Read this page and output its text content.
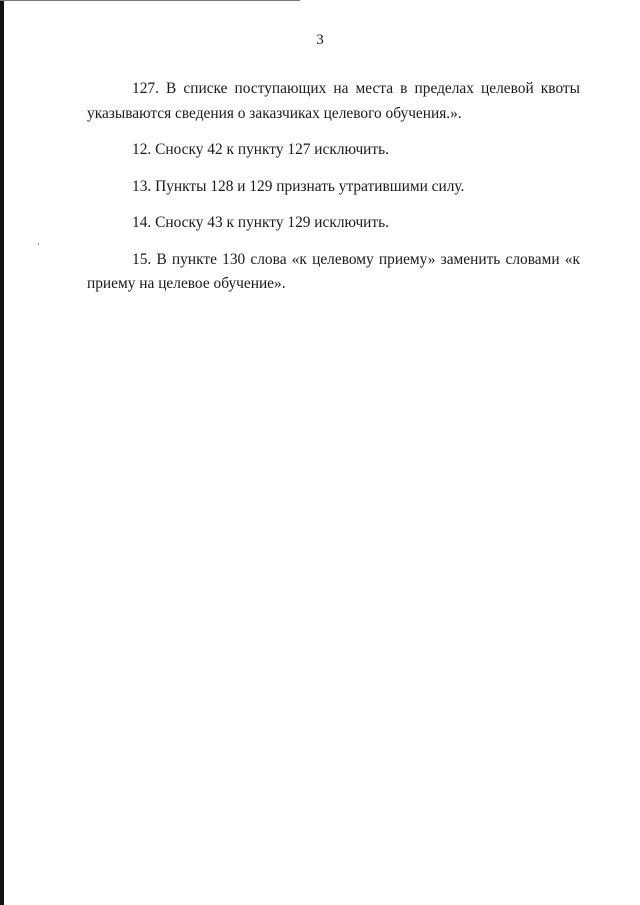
3

127. В списке поступающих на места в пределах целевой квоты указываются сведения о заказчиках целевого обучения.».

12. Сноску 42 к пункту 127 исключить.

13. Пункты 128 и 129 признать утратившими силу.

14. Сноску 43 к пункту 129 исключить.

15. В пункте 130 слова «к целевому приему» заменить словами «к приему на целевое обучение».
